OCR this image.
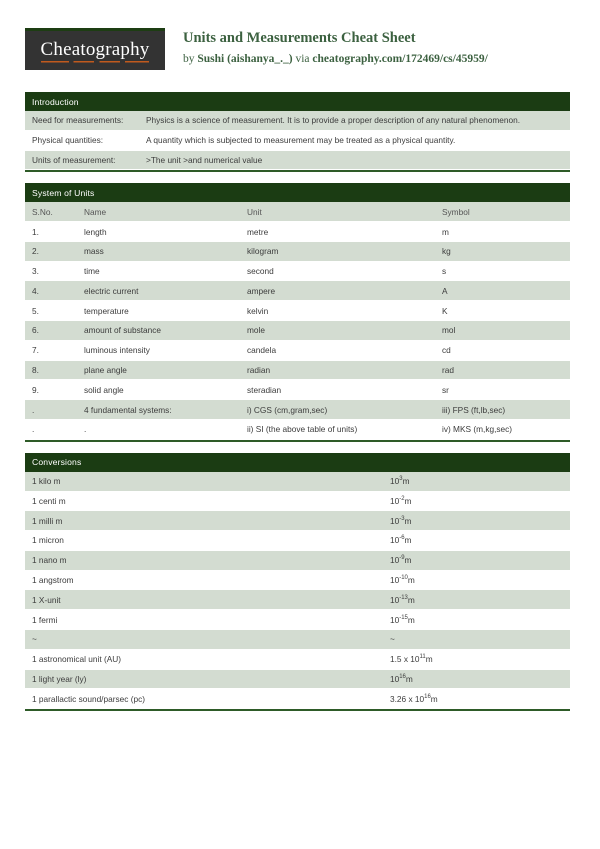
Cheatography
Units and Measurements Cheat Sheet
by Sushi (aishanya_._) via cheatography.com/172469/cs/45959/
Introduction
Need for measurements:	Physics is a science of measurement. It is to provide a proper description of any natural phenomenon.
Physical quantities:	A quantity which is subjected to measurement may be treated as a physical quantity.
Units of measurement:	>The unit >and numerical value
System of Units
S.No.	Name	Unit	Symbol
1.	length	metre	m
2.	mass	kilogram	kg
3.	time	second	s
4.	electric current	ampere	A
5.	temperature	kelvin	K
6.	amount of substance	mole	mol
7.	luminous intensity	candela	cd
8.	plane angle	radian	rad
9.	solid angle	steradian	sr
.	4 fundamental systems:	i) CGS (cm,gram,sec)	iii) FPS (ft,lb,sec)
.	.	ii) SI (the above table of units)	iv) MKS (m,kg,sec)
Conversions
1 kilo m	$10^3m$
1 centi m	$10^{-2}m$
1 milli m	$10^{-3}m$
1 micron	$10^{-6}m$
1 nano m	$10^{-9}m$
1 angstrom	$10^{-10}m$
1 X-unit	$10^{-13}m$
1 fermi	$10^{-15}m$
~	~
1 astronomical unit (AU)	1.5 x $10^{11}m$
1 light year (ly)	$10^{16}m$
1 parallactic sound/parsec (pc)	3.26 x $10^{16}m$
